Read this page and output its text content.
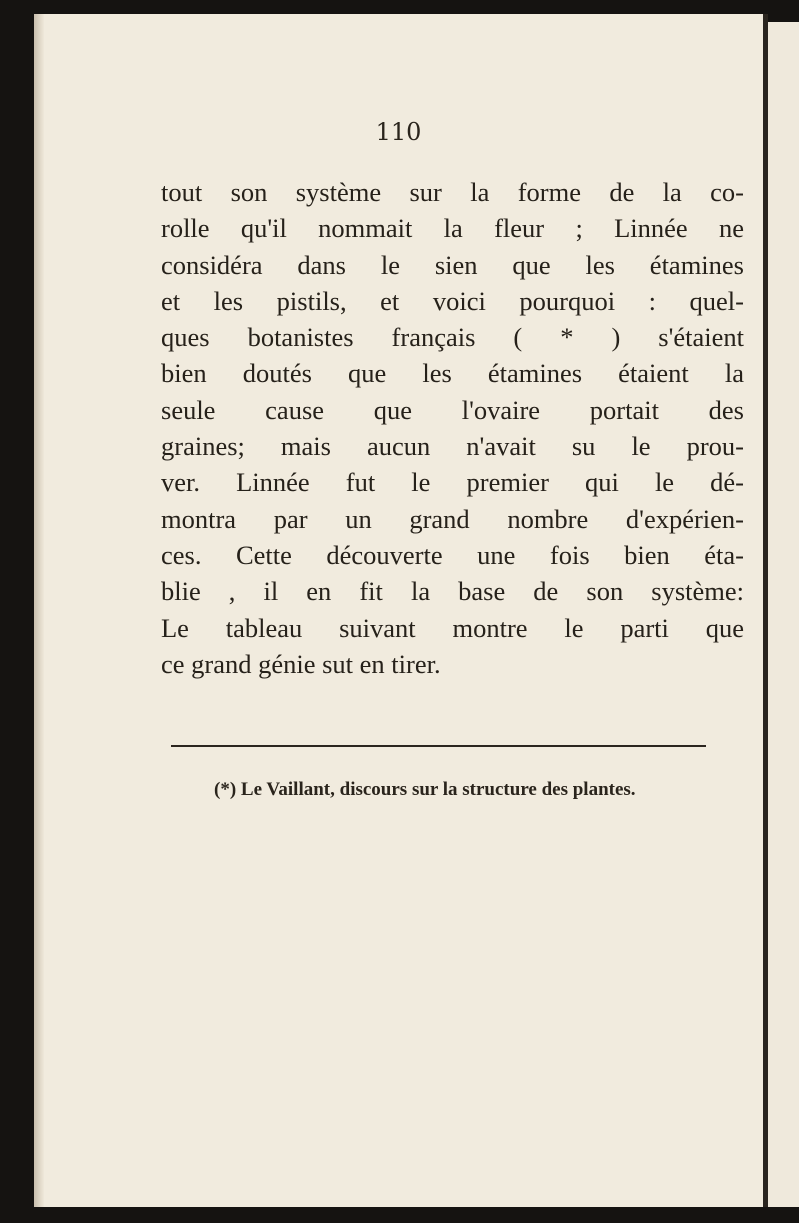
110
tout son système sur la forme de la co-
rolle qu'il nommait la fleur ; Linnée ne
considéra dans le sien que les étamines
et les pistils, et voici pourquoi : quel-
ques botanistes français ( * ) s'étaient
bien doutés que les étamines étaient la
seule cause que l'ovaire portait des
graines; mais aucun n'avait su le prou-
ver. Linnée fut le premier qui le dé-
montra par un grand nombre d'expérien-
ces. Cette découverte une fois bien éta-
blie , il en fit la base de son système:
Le tableau suivant montre le parti que
ce grand génie sut en tirer.
(*) Le Vaillant, discours sur la structure des plantes.
